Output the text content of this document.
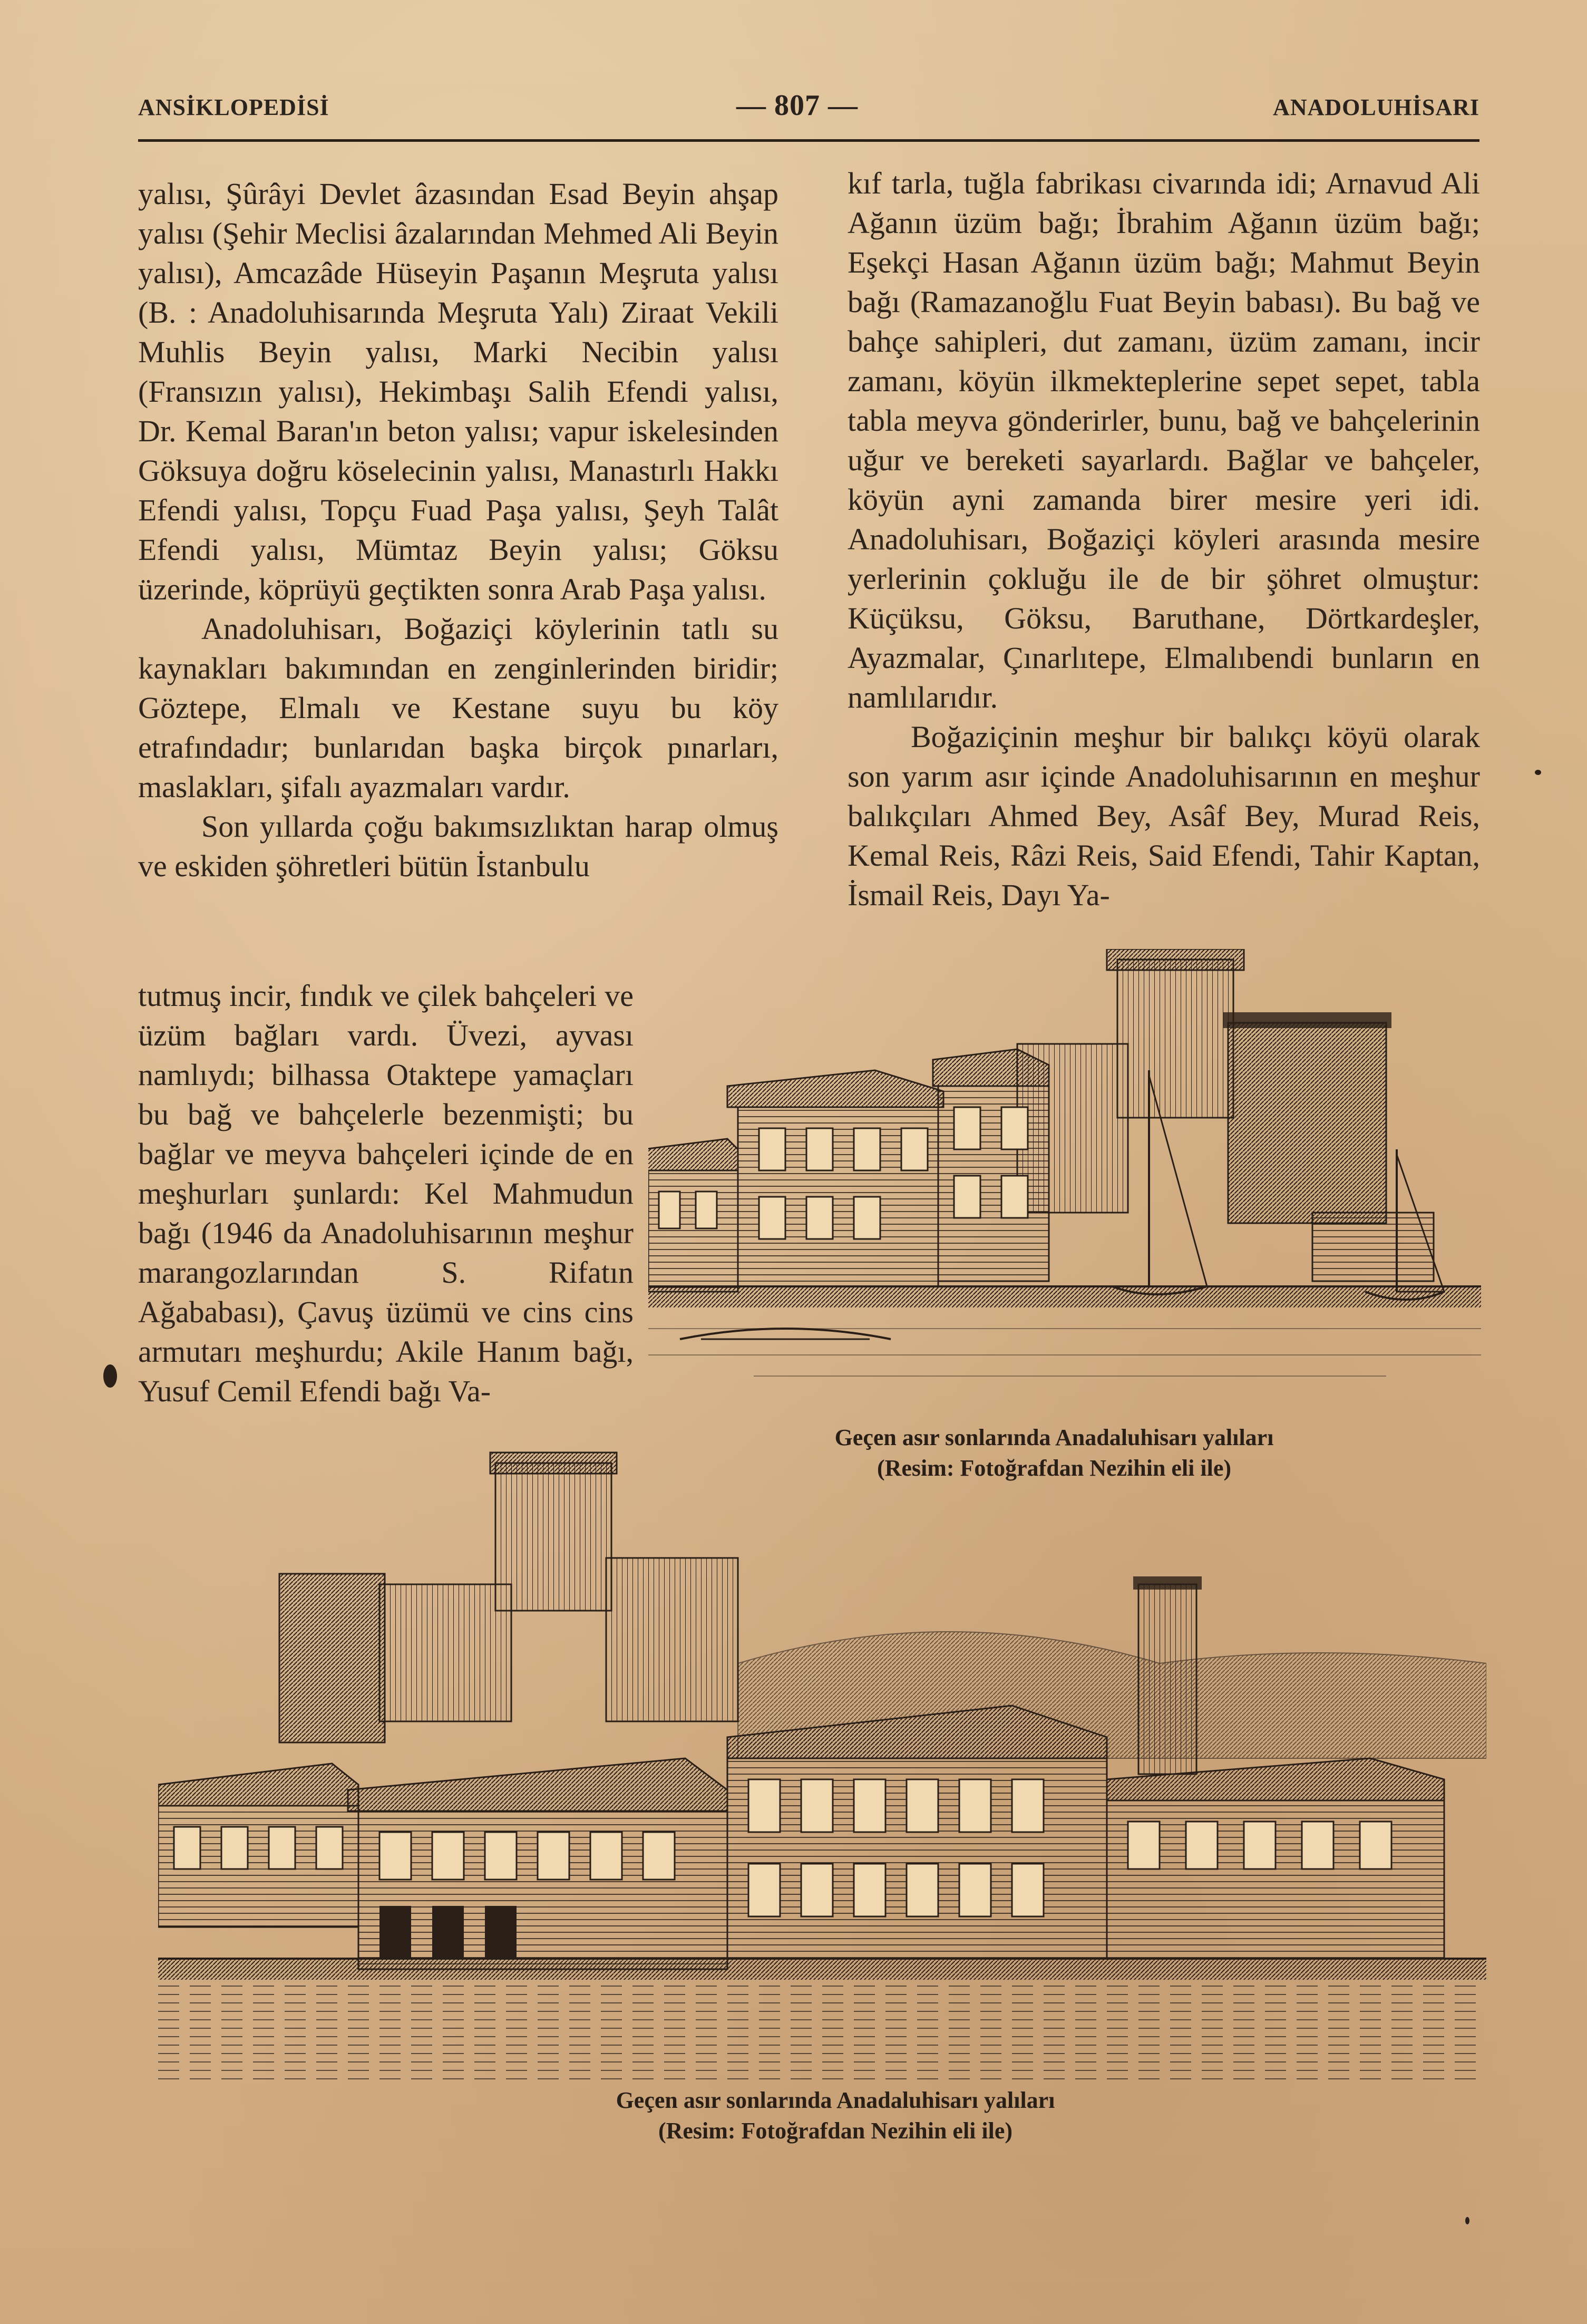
ANSİKLOPEDİSİ	— 807 —	ANADOLUHİSARI

yalısı, Şûrâyi Devlet âzasından Esad Beyin ahşap yalısı (Şehir Meclisi âzalarından Mehmed Ali Beyin yalısı), Amcazâde Hüseyin Paşanın Meşruta yalısı (B. : Anadoluhisarında Meşruta Yalı) Ziraat Vekili Muhlis Beyin yalısı, Marki Necibin yalısı (Fransızın yalısı), Hekimbaşı Salih Efendi yalısı, Dr. Kemal Baran'ın beton yalısı; vapur iskelesinden Göksuya doğru köselecinin yalısı, Manastırlı Hakkı Efendi yalısı, Topçu Fuad Paşa yalısı, Şeyh Talât Efendi yalısı, Mümtaz Beyin yalısı; Göksu üzerinde, köprüyü geçtikten sonra Arab Paşa yalısı.

Anadoluhisarı, Boğaziçi köylerinin tatlı su kaynakları bakımından en zenginlerinden biridir; Göztepe, Elmalı ve Kestane suyu bu köy etrafındadır; bunlarıdan başka birçok pınarları, maslakları, şifalı ayazmaları vardır.

Son yıllarda çoğu bakımsızlıktan harap olmuş ve eskiden şöhretleri bütün İstanbulu

tutmuş incir, fındık ve çilek bahçeleri ve üzüm bağları vardı. Üvezi, ayvası namlıydı; bilhassa Otaktepe yamaçları bu bağ ve bahçelerle bezenmişti; bu bağlar ve meyva bahçeleri içinde de en meşhurları şunlardı: Kel Mahmudun bağı (1946 da Anadoluhisarının meşhur marangozlarından S. Rifatın Ağababası), Çavuş üzümü ve cins cins armutarı meşhurdu; Akile Hanım bağı, Yusuf Cemil Efendi bağı Va-

kıf tarla, tuğla fabrikası civarında idi; Arnavud Ali Ağanın üzüm bağı; İbrahim Ağanın üzüm bağı; Eşekçi Hasan Ağanın üzüm bağı; Mahmut Beyin bağı (Ramazanoğlu Fuat Beyin babası). Bu bağ ve bahçe sahipleri, dut zamanı, üzüm zamanı, incir zamanı, köyün ilkmekteplerine sepet sepet, tabla tabla meyva gönderirler, bunu, bağ ve bahçelerinin uğur ve bereketi sayarlardı. Bağlar ve bahçeler, köyün ayni zamanda birer mesire yeri idi. Anadoluhisarı, Boğaziçi köyleri arasında mesire yerlerinin çokluğu ile de bir şöhret olmuştur: Küçüksu, Göksu, Baruthane, Dörtkardeşler, Ayazmalar, Çınarlıtepe, Elmalıbendi bunların en namlılarıdır.

Boğaziçinin meşhur bir balıkçı köyü olarak son yarım asır içinde Anadoluhisarının en meşhur balıkçıları Ahmed Bey, Asâf Bey, Murad Reis, Kemal Reis, Râzi Reis, Said Efendi, Tahir Kaptan, İsmail Reis, Dayı Ya-

Geçen asır sonlarında Anadaluhisarı yalıları
(Resim: Fotoğrafdan Nezihin eli ile)
Geçen asır sonlarında Anadaluhisarı yalıları
(Resim: Fotoğrafdan Nezihin eli ile)
